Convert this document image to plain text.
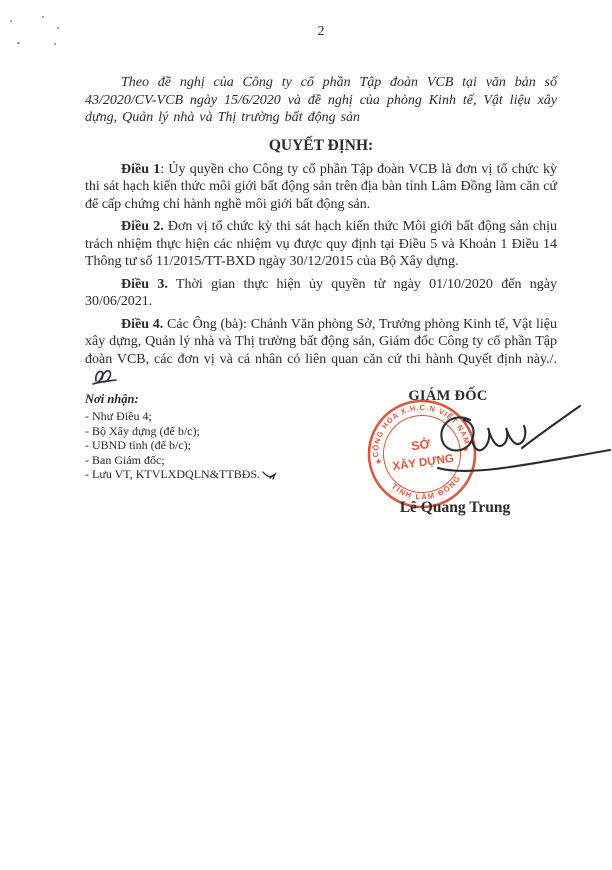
2

Theo đề nghị của Công ty cổ phần Tập đoàn VCB tại văn bản số 43/2020/CV-VCB ngày 15/6/2020 và đề nghị của phòng Kinh tế, Vật liệu xây dựng, Quản lý nhà và Thị trường bất động sản

QUYẾT ĐỊNH:

Điều 1: Ủy quyền cho Công ty cổ phần Tập đoàn VCB là đơn vị tổ chức kỳ thi sát hạch kiến thức môi giới bất động sản trên địa bàn tỉnh Lâm Đồng làm căn cứ để cấp chứng chỉ hành nghề môi giới bất động sản.

Điều 2. Đơn vị tổ chức kỳ thi sát hạch kiến thức Môi giới bất động sản chịu trách nhiệm thực hiện các nhiệm vụ được quy định tại Điều 5 và Khoản 1 Điều 14 Thông tư số 11/2015/TT-BXD ngày 30/12/2015 của Bộ Xây dựng.

Điều 3. Thời gian thực hiện ủy quyền từ ngày 01/10/2020 đến ngày 30/06/2021.

Điều 4. Các Ông (bà): Chánh Văn phòng Sở, Trưởng phòng Kinh tế, Vật liệu xây dựng, Quản lý nhà và Thị trường bất động sản, Giám đốc Công ty cổ phần Tập đoàn VCB, các đơn vị và cá nhân có liên quan căn cứ thi hành Quyết định này./.

Nơi nhận:
- Như Điều 4;
- Bộ Xây dựng (để b/c);
- UBND tỉnh (để b/c);
- Ban Giám đốc;
- Lưu VT, KTVLXDQLN&TTBĐS.
GIÁM ĐỐC
CỘNG HÒA X.H.C.N VIỆT NAM
TỈNH LÂM ĐỒNG
★
★
SỞ
XÂY DỰNG
Lê Quang Trung
